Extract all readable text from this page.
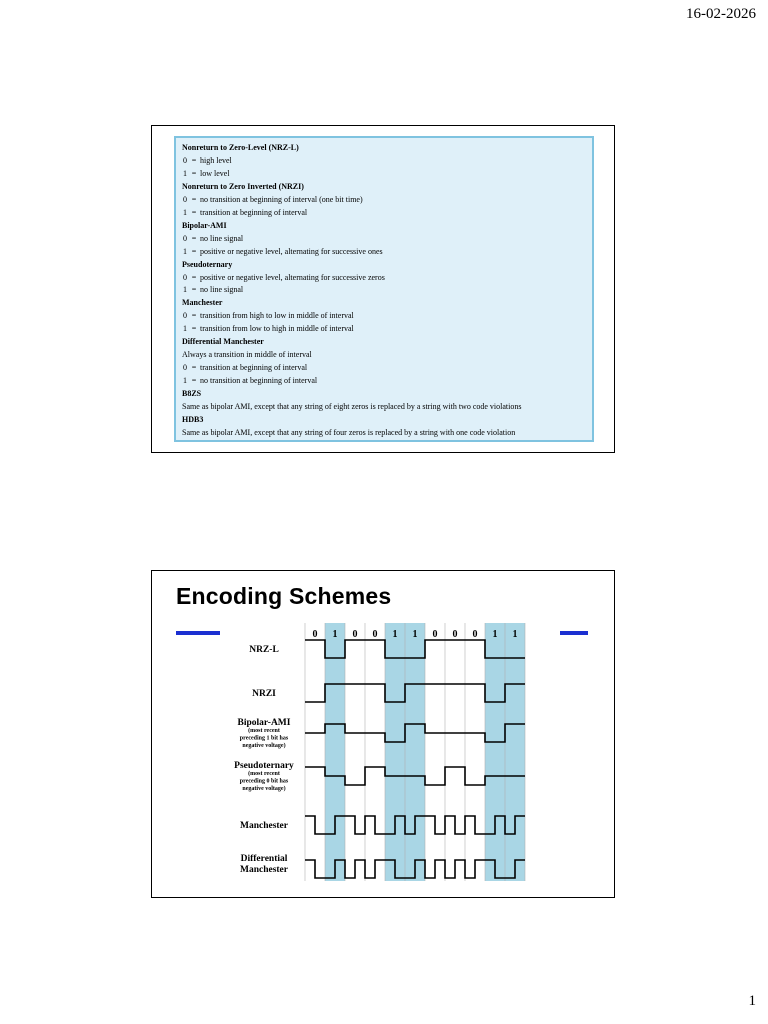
16-02-2026
Nonreturn to Zero-Level (NRZ-L)
0 = high level
1 = low level
Nonreturn to Zero Inverted (NRZI)
0 = no transition at beginning of interval (one bit time)
1 = transition at beginning of interval
Bipolar-AMI
0 = no line signal
1 = positive or negative level, alternating for successive ones
Pseudoternary
0 = positive or negative level, alternating for successive zeros
1 = no line signal
Manchester
0 = transition from high to low in middle of interval
1 = transition from low to high in middle of interval
Differential Manchester
Always a transition in middle of interval
0 = transition at beginning of interval
1 = no transition at beginning of interval
B8ZS
Same as bipolar AMI, except that any string of eight zeros is replaced by a string with two code violations
HDB3
Same as bipolar AMI, except that any string of four zeros is replaced by a string with one code violation
Encoding Schemes
0 1 0 0 1 1 0 0 0 1 1
NRZ-L
NRZI
Bipolar-AMI
(most recent
preceding 1 bit has
negative voltage)
Pseudoternary
(most recent
preceding 0 bit has
negative voltage)
Manchester
Differential
Manchester
1
